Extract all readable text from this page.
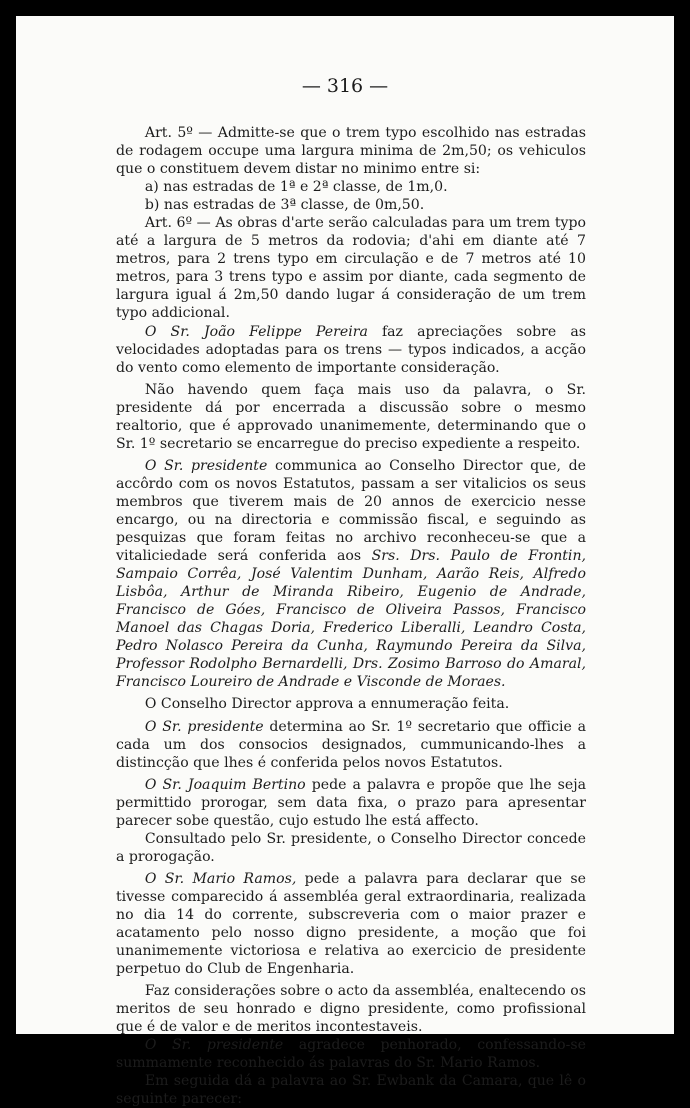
— 316 —

Art. 5º — Admitte-se que o trem typo escolhido nas estradas de rodagem occupe uma largura minima de 2m,50; os vehiculos que o constituem devem distar no minimo entre si:

a) nas estradas de 1ª e 2ª classe, de 1m,0.

b) nas estradas de 3ª classe, de 0m,50.

Art. 6º — As obras d'arte serão calculadas para um trem typo até a largura de 5 metros da rodovia; d'ahi em diante até 7 metros, para 2 trens typo em circulação e de 7 metros até 10 metros, para 3 trens typo e assim por diante, cada segmento de largura igual á 2m,50 dando lugar á consideração de um trem typo addicional.

O Sr. João Felippe Pereira faz apreciações sobre as velocidades adoptadas para os trens — typos indicados, a acção do vento como elemento de importante consideração.

Não havendo quem faça mais uso da palavra, o Sr. presidente dá por encerrada a discussão sobre o mesmo realtorio, que é approvado unanimemente, determinando que o Sr. 1º secretario se encarregue do preciso expediente a respeito.

O Sr. presidente communica ao Conselho Director que, de accôrdo com os novos Estatutos, passam a ser vitalicios os seus membros que tiverem mais de 20 annos de exercicio nesse encargo, ou na directoria e commissão fiscal, e seguindo as pesquizas que foram feitas no archivo reconheceu-se que a vitaliciedade será conferida aos Srs. Drs. Paulo de Frontin, Sampaio Corrêa, José Valentim Dunham, Aarão Reis, Alfredo Lisbôa, Arthur de Miranda Ribeiro, Eugenio de Andrade, Francisco de Góes, Francisco de Oliveira Passos, Francisco Manoel das Chagas Doria, Frederico Liberalli, Leandro Costa, Pedro Nolasco Pereira da Cunha, Raymundo Pereira da Silva, Professor Rodolpho Bernardelli, Drs. Zosimo Barroso do Amaral, Francisco Loureiro de Andrade e Visconde de Moraes.

O Conselho Director approva a ennumeração feita.

O Sr. presidente determina ao Sr. 1º secretario que officie a cada um dos consocios designados, cummunicando-lhes a distincção que lhes é conferida pelos novos Estatutos.

O Sr. Joaquim Bertino pede a palavra e propõe que lhe seja permittido prorogar, sem data fixa, o prazo para apresentar parecer sobe questão, cujo estudo lhe está affecto.

Consultado pelo Sr. presidente, o Conselho Director concede a prorogação.

O Sr. Mario Ramos, pede a palavra para declarar que se tivesse comparecido á assembléa geral extraordinaria, realizada no dia 14 do corrente, subscreveria com o maior prazer e acatamento pelo nosso digno presidente, a moção que foi unanimemente victoriosa e relativa ao exercicio de presidente perpetuo do Club de Engenharia.

Faz considerações sobre o acto da assembléa, enaltecendo os meritos de seu honrado e digno presidente, como profissional que é de valor e de meritos incontestaveis.

O Sr. presidente agradece penhorado, confessando-se summamente reconhecido ás palavras do Sr. Mario Ramos.

Em seguida dá a palavra ao Sr. Ewbank da Camara, que lê o seguinte parecer:
